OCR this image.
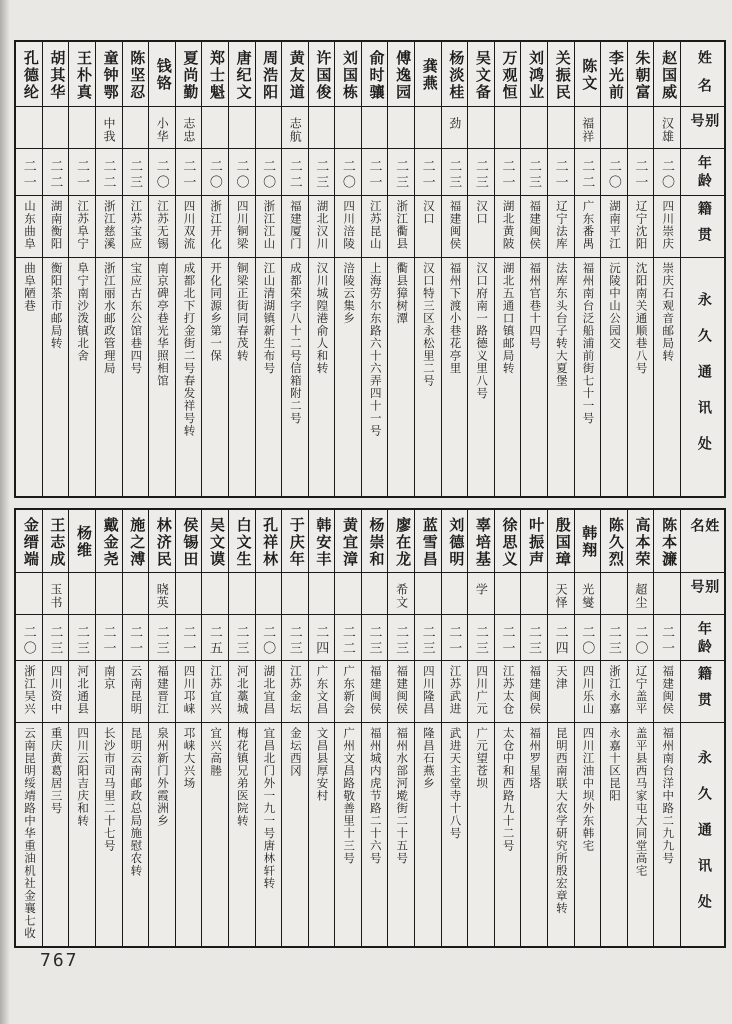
姓名
别号
年龄
籍贯
永久通讯处
赵国威
汉雄
二〇
四川崇庆
崇庆石观音邮局转
朱朝富
二一
辽宁沈阳
沈阳南关通顺巷八号
李光前
二〇
湖南平江
沅陵中山公园交
陈文
福祥
二二
广东番禺
福州南台泛船浦前街七十一号
关振民
二一
辽宁法库
法库东头台子转大夏堡
刘鸿业
二三
福建闽侯
福州官巷十四号
万观恒
二一
湖北黄陂
湖北五通口镇邮局转
吴文备
二三
汉口
汉口府南一路德义里八号
杨淡桂
劲
二三
福建闽侯
福州下渡小巷花亭里
龚燕
二一
汉口
汉口特三区永松里二号
傅逸园
二三
浙江衢县
衢县獐树潭
俞时骧
二一
江苏昆山
上海劳尔东路六十六弄四十一号
刘国栋
二〇
四川涪陵
涪陵云集乡
许国俊
二三
湖北汉川
汉川城隍港俞人和转
黄友道
志航
二二
福建厦门
成都荣字八十二号信箱附二号
周浩阳
二〇
浙江江山
江山清湖镇新生布号
唐纪文
二〇
四川铜梁
铜梁正街同春茂转
郑士魁
二〇
浙江开化
开化同源乡第一保
夏尚勤
志忠
二一
四川双流
成都北下打金街二号春发祥号转
钱铬
小华
二〇
江苏无锡
南京碑亭巷光华照相馆
陈坚忍
二三
江苏宝应
宝应古东公馆巷四号
童钟鄂
中我
二二
浙江慈溪
浙江丽水邮政管理局
王朴真
二一
江苏阜宁
阜宁南沙泼镇北舍
胡其华
二二
湖南衡阳
衡阳茶市邮局转
孔德纶
二一
山东曲阜
曲阜陋巷
姓名
别号
年龄
籍贯
永久通讯处
陈本濂
二一
福建闽侯
福州南台洋中路二九九号
高本荣
超尘
二〇
辽宁盖平
盖平县西马家屯大同堂高宅
陈久烈
二三
浙江永嘉
永嘉十区昆阳
韩翔
光燮
二〇
四川乐山
四川江油中坝外东韩宅
殷国璋
天怿
二四
天津
昆明西南联大农学研究所殷宏章转
叶振声
二三
福建闽侯
福州罗星塔
徐思义
二一
江苏太仓
太仓中和西路九十二号
辜培基
学
二三
四川广元
广元望苍坝
刘德明
二一
江苏武进
武进天主堂寺十八号
蓝雪昌
二三
四川隆昌
隆昌石燕乡
廖在龙
希文
二三
福建闽侯
福州水部河墘街二十五号
杨崇和
二三
福建闽侯
福州城内虎节路二十六号
黄宜漳
二二
广东新会
广州文昌路敬善里十三号
韩安丰
二四
广东文昌
文昌县厚安村
于庆年
二三
江苏金坛
金坛西冈
孔祥林
二〇
湖北宜昌
宜昌北门外一九一号唐林轩转
白文生
二三
河北藁城
梅花镇兄弟医院转
吴文谟
二五
江苏宜兴
宜兴高塍
侯锡田
二一
四川邛崃
邛崃大兴场
林济民
晓英
二三
福建晋江
泉州新门外霞洲乡
施之溥
二一
云南昆明
昆明云南邮政总局施慰农转
戴金尧
二一
南京
长沙市司马里二十七号
杨维
二三
河北通县
四川云阳吉庆和转
王志成
玉书
二三
四川资中
重庆黄葛居三号
金缙端
二〇
浙江吴兴
云南昆明绥靖路中华重油机社金襄七收
767
